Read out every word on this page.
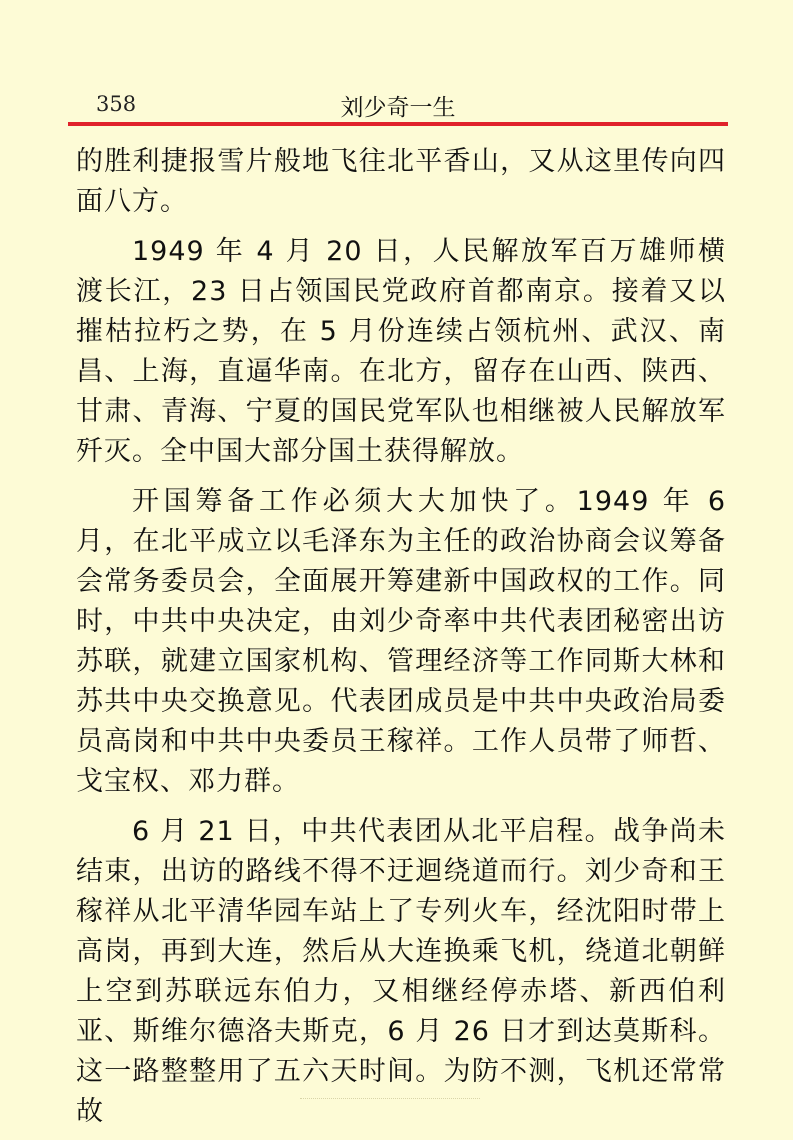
358	刘少奇一生

的胜利捷报雪片般地飞往北平香山，又从这里传向四面八方。

1949 年 4 月 20 日，人民解放军百万雄师横渡长江，23 日占领国民党政府首都南京。接着又以摧枯拉朽之势，在 5 月份连续占领杭州、武汉、南昌、上海，直逼华南。在北方，留存在山西、陕西、甘肃、青海、宁夏的国民党军队也相继被人民解放军歼灭。全中国大部分国土获得解放。

开国筹备工作必须大大加快了。1949 年 6 月，在北平成立以毛泽东为主任的政治协商会议筹备会常务委员会，全面展开筹建新中国政权的工作。同时，中共中央决定，由刘少奇率中共代表团秘密出访苏联，就建立国家机构、管理经济等工作同斯大林和苏共中央交换意见。代表团成员是中共中央政治局委员高岗和中共中央委员王稼祥。工作人员带了师哲、戈宝权、邓力群。

6 月 21 日，中共代表团从北平启程。战争尚未结束，出访的路线不得不迂迴绕道而行。刘少奇和王稼祥从北平清华园车站上了专列火车，经沈阳时带上高岗，再到大连，然后从大连换乘飞机，绕道北朝鲜上空到苏联远东伯力，又相继经停赤塔、新西伯利亚、斯维尔德洛夫斯克，6 月 26 日才到达莫斯科。这一路整整用了五六天时间。为防不测，飞机还常常故
